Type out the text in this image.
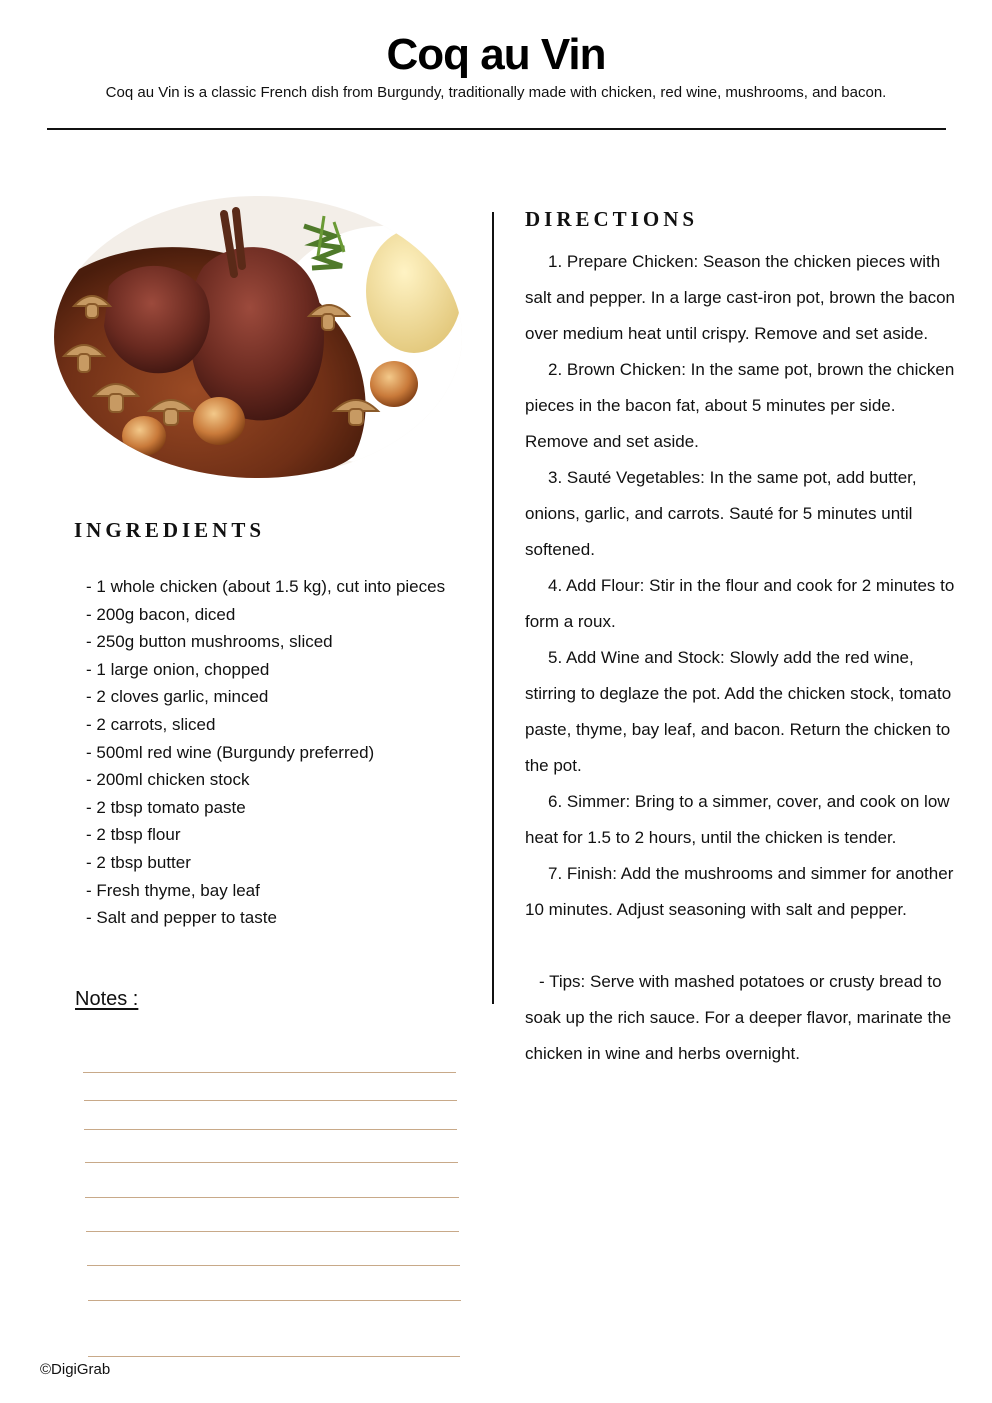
Coq au Vin
Coq au Vin is a classic French dish from Burgundy, traditionally made with chicken, red wine, mushrooms, and bacon.
INGREDIENTS
- 1 whole chicken (about 1.5 kg), cut into pieces
- 200g bacon, diced
- 250g button mushrooms, sliced
- 1 large onion, chopped
- 2 cloves garlic, minced
- 2 carrots, sliced
- 500ml red wine (Burgundy preferred)
- 200ml chicken stock
- 2 tbsp tomato paste
- 2 tbsp flour
- 2 tbsp butter
- Fresh thyme, bay leaf
- Salt and pepper to taste
DIRECTIONS

1. Prepare Chicken: Season the chicken pieces with salt and pepper. In a large cast-iron pot, brown the bacon over medium heat until crispy. Remove and set aside.

2. Brown Chicken: In the same pot, brown the chicken pieces in the bacon fat, about 5 minutes per side. Remove and set aside.

3. Sauté Vegetables: In the same pot, add butter, onions, garlic, and carrots. Sauté for 5 minutes until softened.

4. Add Flour: Stir in the flour and cook for 2 minutes to form a roux.

5. Add Wine and Stock: Slowly add the red wine, stirring to deglaze the pot. Add the chicken stock, tomato paste, thyme, bay leaf, and bacon. Return the chicken to the pot.

6. Simmer: Bring to a simmer, cover, and cook on low heat for 1.5 to 2 hours, until the chicken is tender.

7. Finish: Add the mushrooms and simmer for another 10 minutes. Adjust seasoning with salt and pepper.

- Tips: Serve with mashed potatoes or crusty bread to soak up the rich sauce. For a deeper flavor, marinate the chicken in wine and herbs overnight.

Notes :
©DigiGrab
